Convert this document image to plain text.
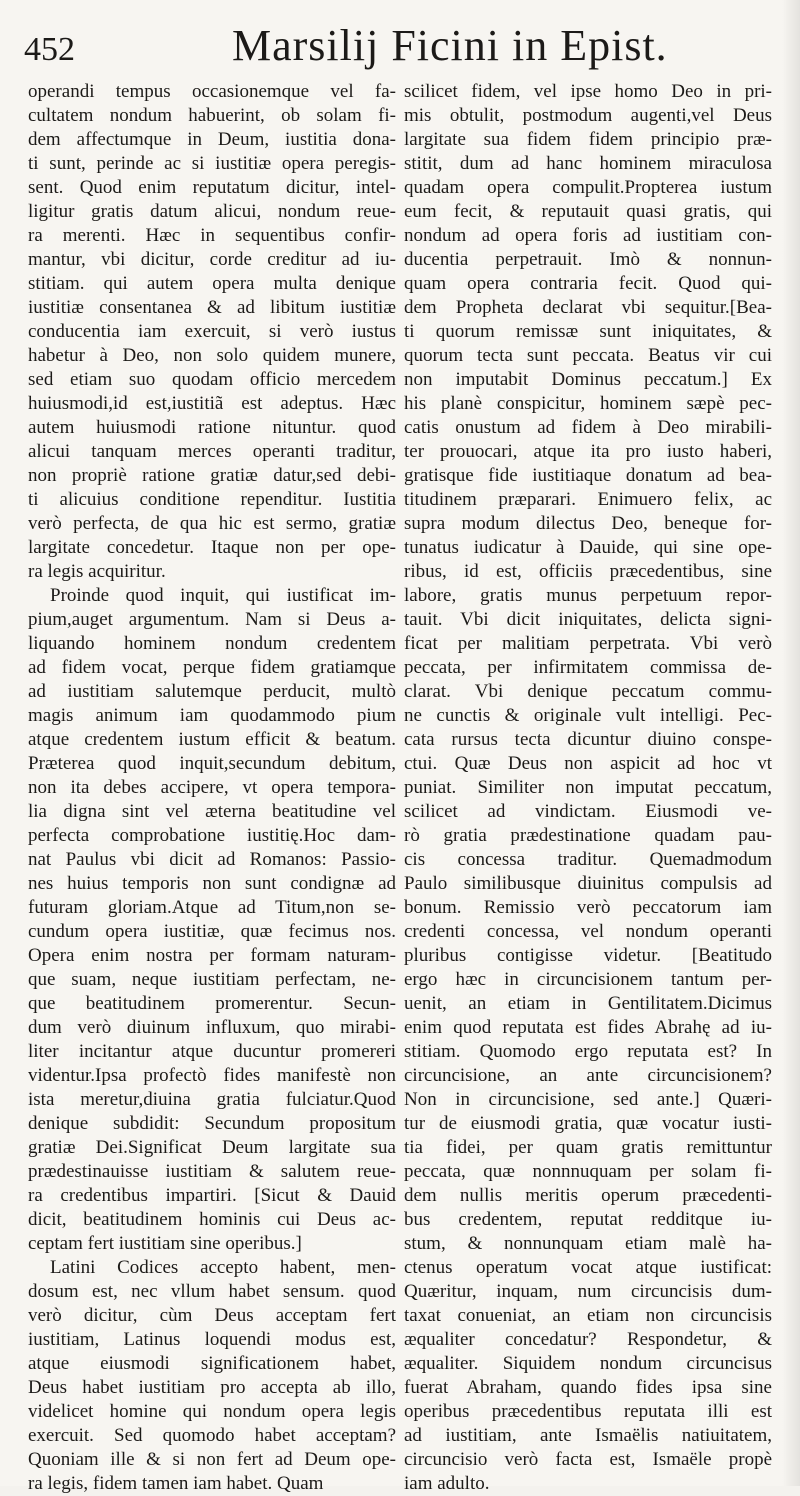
452	Marsilij Ficini in Epist.
operandi tempus occasionemque vel fa-
cultatem nondum habuerint, ob solam fi-
dem affectumque in Deum, iustitia dona-
ti sunt, perinde ac si iustitiæ opera peregis-
sent. Quod enim reputatum dicitur, intel-
ligitur gratis datum alicui, nondum reue-
ra merenti. Hæc in sequentibus confir-
mantur, vbi dicitur, corde creditur ad iu-
stitiam. qui autem opera multa denique
iustitiæ consentanea & ad libitum iustitiæ
conducentia iam exercuit, si verò iustus
habetur à Deo, non solo quidem munere,
sed etiam suo quodam officio mercedem
huiusmodi,id est,iustitiã est adeptus. Hæc
autem huiusmodi ratione nituntur. quod
alicui tanquam merces operanti traditur,
non propriè ratione gratiæ datur,sed debi-
ti alicuius conditione rependitur. Iustitia
verò perfecta, de qua hic est sermo, gratiæ
largitate concedetur. Itaque non per ope-
ra legis acquiritur.
Proinde quod inquit, qui iustificat im-
pium,auget argumentum. Nam si Deus a-
liquando hominem nondum credentem
ad fidem vocat, perque fidem gratiamque
ad iustitiam salutemque perducit, multò
magis animum iam quodammodo pium
atque credentem iustum efficit & beatum.
Præterea quod inquit,secundum debitum,
non ita debes accipere, vt opera tempora-
lia digna sint vel æterna beatitudine vel
perfecta comprobatione iustitię.Hoc dam-
nat Paulus vbi dicit ad Romanos: Passio-
nes huius temporis non sunt condignæ ad
futuram gloriam.Atque ad Titum,non se-
cundum opera iustitiæ, quæ fecimus nos.
Opera enim nostra per formam naturam-
que suam, neque iustitiam perfectam, ne-
que beatitudinem promerentur. Secun-
dum verò diuinum influxum, quo mirabi-
liter incitantur atque ducuntur promereri
videntur.Ipsa profectò fides manifestè non
ista meretur,diuina gratia fulciatur.Quod
denique subdidit: Secundum propositum
gratiæ Dei.Significat Deum largitate sua
prædestinauisse iustitiam & salutem reue-
ra credentibus impartiri. [Sicut & Dauid
dicit, beatitudinem hominis cui Deus ac-
ceptam fert iustitiam sine operibus.]
Latini Codices accepto habent, men-
dosum est, nec vllum habet sensum. quod
verò dicitur, cùm Deus acceptam fert
iustitiam, Latinus loquendi modus est,
atque eiusmodi significationem habet,
Deus habet iustitiam pro accepta ab illo,
videlicet homine qui nondum opera legis
exercuit. Sed quomodo habet acceptam?
Quoniam ille & si non fert ad Deum ope-
ra legis, fidem tamen iam habet. Quam
scilicet fidem, vel ipse homo Deo in pri-
mis obtulit, postmodum augenti,vel Deus
largitate sua fidem fidem principio præ-
stitit, dum ad hanc hominem miraculosa
quadam opera compulit.Propterea iustum
eum fecit, & reputauit quasi gratis, qui
nondum ad opera foris ad iustitiam con-
ducentia perpetrauit. Imò & nonnun-
quam opera contraria fecit. Quod qui-
dem Propheta declarat vbi sequitur.[Bea-
ti quorum remissæ sunt iniquitates, &
quorum tecta sunt peccata. Beatus vir cui
non imputabit Dominus peccatum.] Ex
his planè conspicitur, hominem sæpè pec-
catis onustum ad fidem à Deo mirabili-
ter prouocari, atque ita pro iusto haberi,
gratisque fide iustitiaque donatum ad bea-
titudinem præparari. Enimuero felix, ac
supra modum dilectus Deo, beneque for-
tunatus iudicatur à Dauide, qui sine ope-
ribus, id est, officiis præcedentibus, sine
labore, gratis munus perpetuum repor-
tauit. Vbi dicit iniquitates, delicta signi-
ficat per malitiam perpetrata. Vbi verò
peccata, per infirmitatem commissa de-
clarat. Vbi denique peccatum commu-
ne cunctis & originale vult intelligi. Pec-
cata rursus tecta dicuntur diuino conspe-
ctui. Quæ Deus non aspicit ad hoc vt
puniat. Similiter non imputat peccatum,
scilicet ad vindictam. Eiusmodi ve-
rò gratia prædestinatione quadam pau-
cis concessa traditur. Quemadmodum
Paulo similibusque diuinitus compulsis ad
bonum. Remissio verò peccatorum iam
credenti concessa, vel nondum operanti
pluribus contigisse videtur. [Beatitudo
ergo hæc in circuncisionem tantum per-
uenit, an etiam in Gentilitatem.Dicimus
enim quod reputata est fides Abrahę ad iu-
stitiam. Quomodo ergo reputata est? In
circuncisione, an ante circuncisionem?
Non in circuncisione, sed ante.] Quæri-
tur de eiusmodi gratia, quæ vocatur iusti-
tia fidei, per quam gratis remittuntur
peccata, quæ nonnnuquam per solam fi-
dem nullis meritis operum præcedenti-
bus credentem, reputat redditque iu-
stum, & nonnunquam etiam malè ha-
ctenus operatum vocat atque iustificat:
Quæritur, inquam, num circuncisis dum-
taxat conueniat, an etiam non circuncisis
æqualiter concedatur? Respondetur, &
æqualiter. Siquidem nondum circuncisus
fuerat Abraham, quando fides ipsa sine
operibus præcedentibus reputata illi est
ad iustitiam, ante Ismaëlis natiuitatem,
circuncisio verò facta est, Ismaële propè
iam adulto.
